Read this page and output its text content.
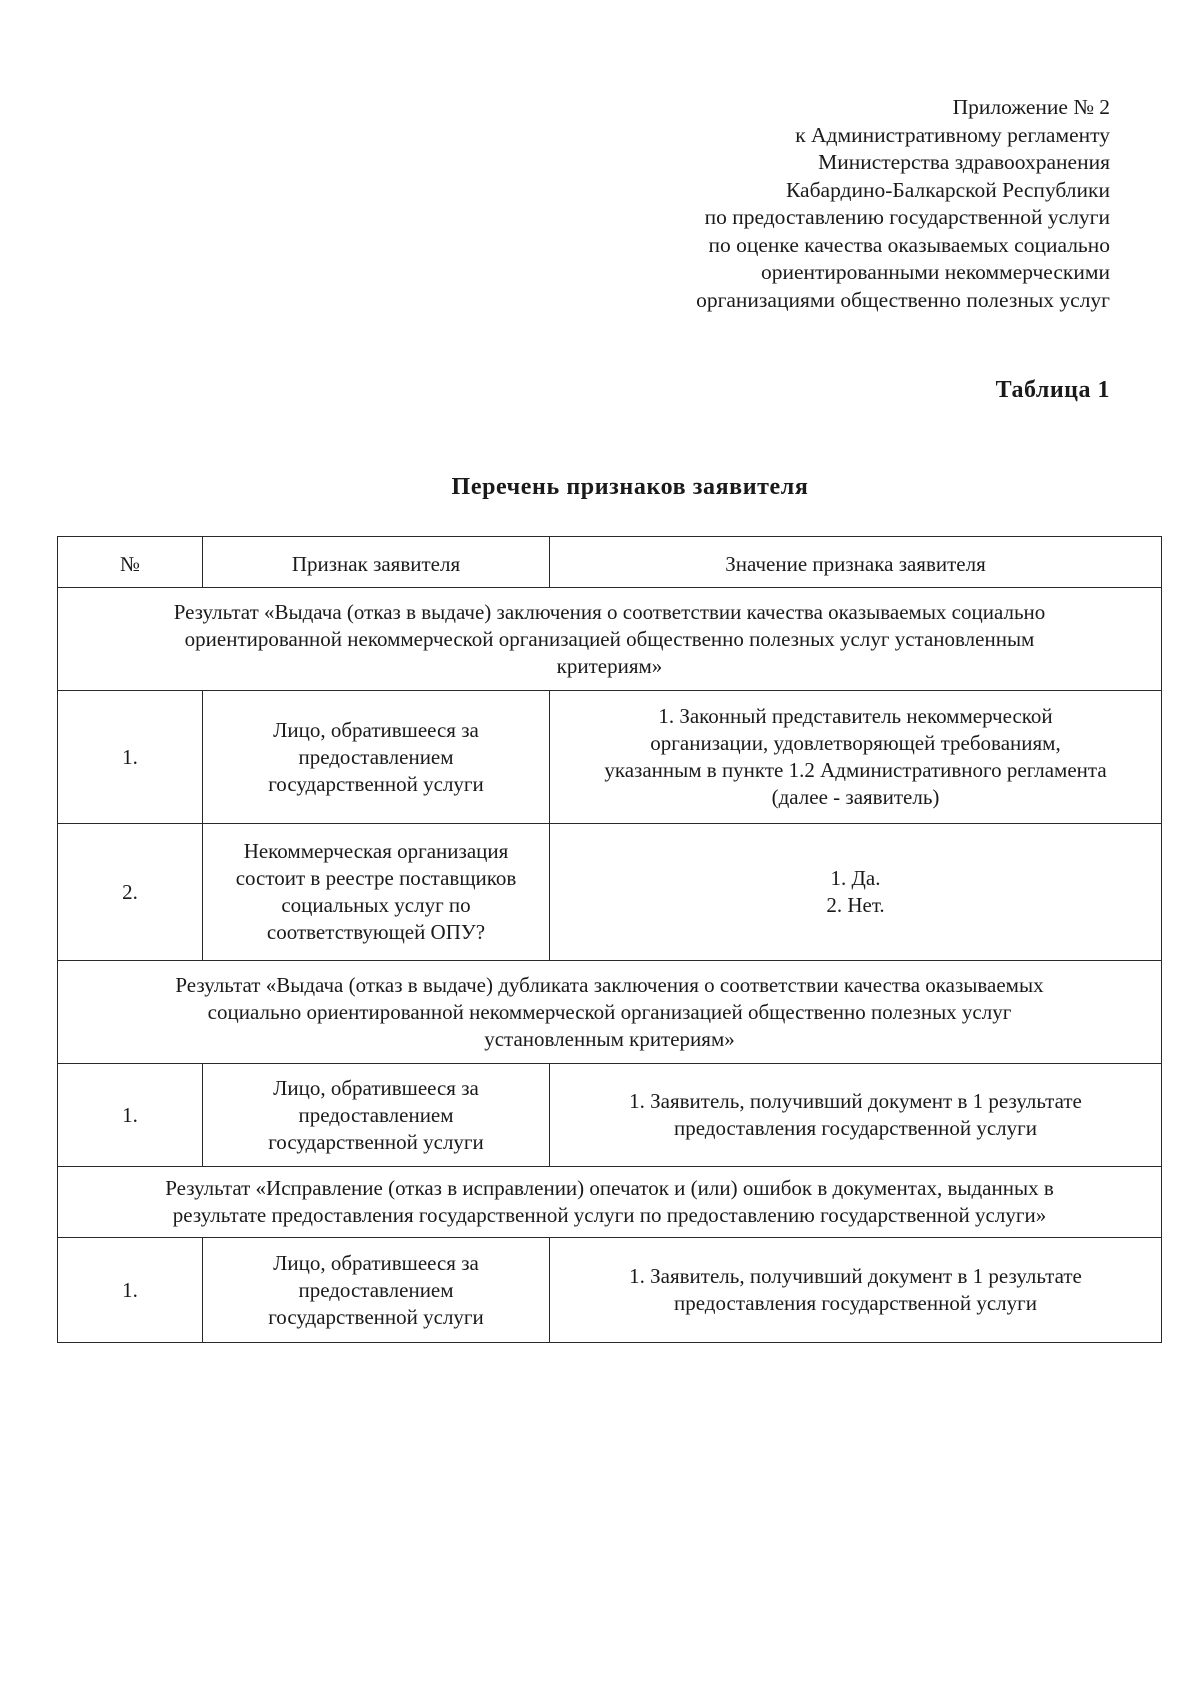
Приложение № 2
к Административному регламенту
Министерства здравоохранения
Кабардино-Балкарской Республики
по предоставлению государственной услуги
по оценке качества оказываемых социально
ориентированными некоммерческими
организациями общественно полезных услуг
Таблица 1
Перечень признаков заявителя
№	Признак заявителя	Значение признака заявителя

Результат «Выдача (отказ в выдаче) заключения о соответствии качества оказываемых социально
ориентированной некоммерческой организацией общественно полезных услуг установленным
критериям»		

1.	Лицо, обратившееся за
предоставлением
государственной услуги	1. Законный представитель некоммерческой
организации, удовлетворяющей требованиям,
указанным в пункте 1.2 Административного регламента
(далее - заявитель)

2.	Некоммерческая организация
состоит в реестре поставщиков
социальных услуг по
соответствующей ОПУ?	1. Да.
2. Нет.

Результат «Выдача (отказ в выдаче) дубликата заключения о соответствии качества оказываемых
социально ориентированной некоммерческой организацией общественно полезных услуг
установленным критериям»		

1.	Лицо, обратившееся за
предоставлением
государственной услуги	1. Заявитель, получивший документ в 1 результате
предоставления государственной услуги

Результат «Исправление (отказ в исправлении) опечаток и (или) ошибок в документах, выданных в
результате предоставления государственной услуги по предоставлению государственной услуги»		

1.	Лицо, обратившееся за
предоставлением
государственной услуги	1. Заявитель, получивший документ в 1 результате
предоставления государственной услуги
